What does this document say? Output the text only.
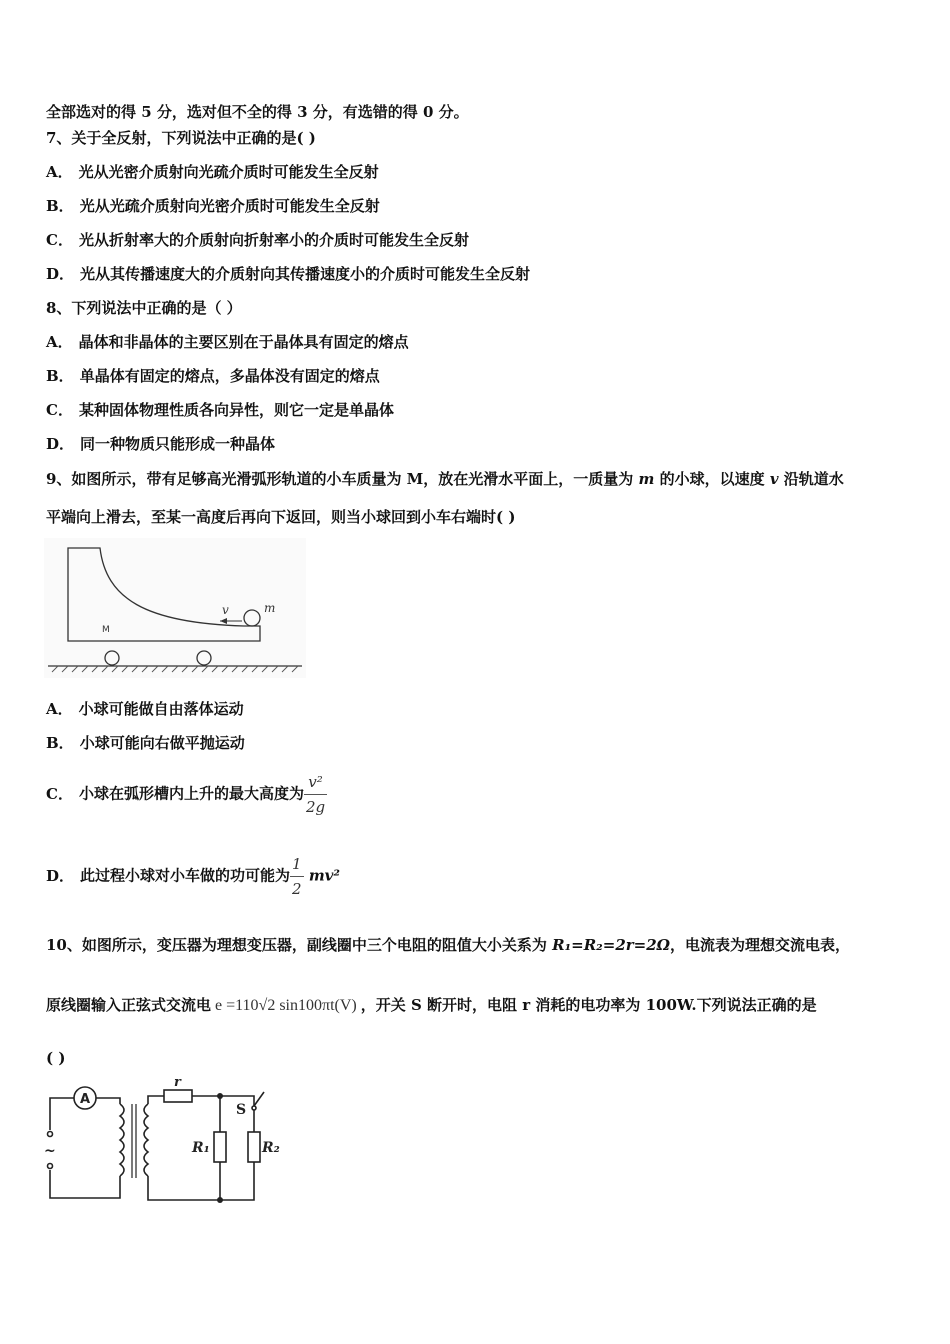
全部选对的得 5 分，选对但不全的得 3 分，有选错的得 0 分。
7、关于全反射，下列说法中正确的是( )
A． 光从光密介质射向光疏介质时可能发生全反射
B． 光从光疏介质射向光密介质时可能发生全反射
C． 光从折射率大的介质射向折射率小的介质时可能发生全反射
D． 光从其传播速度大的介质射向其传播速度小的介质时可能发生全反射
8、下列说法中正确的是（ ）
A． 晶体和非晶体的主要区别在于晶体具有固定的熔点
B． 单晶体有固定的熔点，多晶体没有固定的熔点
C． 某种固体物理性质各向异性，则它一定是单晶体
D． 同一种物质只能形成一种晶体
9、如图所示，带有足够高光滑弧形轨道的小车质量为 M，放在光滑水平面上，一质量为 m 的小球，以速度 v 沿轨道水
平端向上滑去，至某一高度后再向下返回，则当小球回到小车右端时( )
M
v	m
A． 小球可能做自由落体运动
B． 小球可能向右做平抛运动
C． 小球在弧形槽内上升的最大高度为 $\frac{\text{v²}}{2g}$
D． 此过程小球对小车做的功可能为 $\frac{1}{2} mv^2$
10、如图所示，变压器为理想变压器，副线圈中三个电阻的阻值大小关系为 R₁=R₂=2r=2Ω，电流表为理想交流电表，
原线圈输入正弦式交流电 e =110√2 sin100πt(V) ，开关 S 断开时，电阻 r 消耗的电功率为 100W.下列说法正确的是
( )
A
~
r
S
R₁	R₂
